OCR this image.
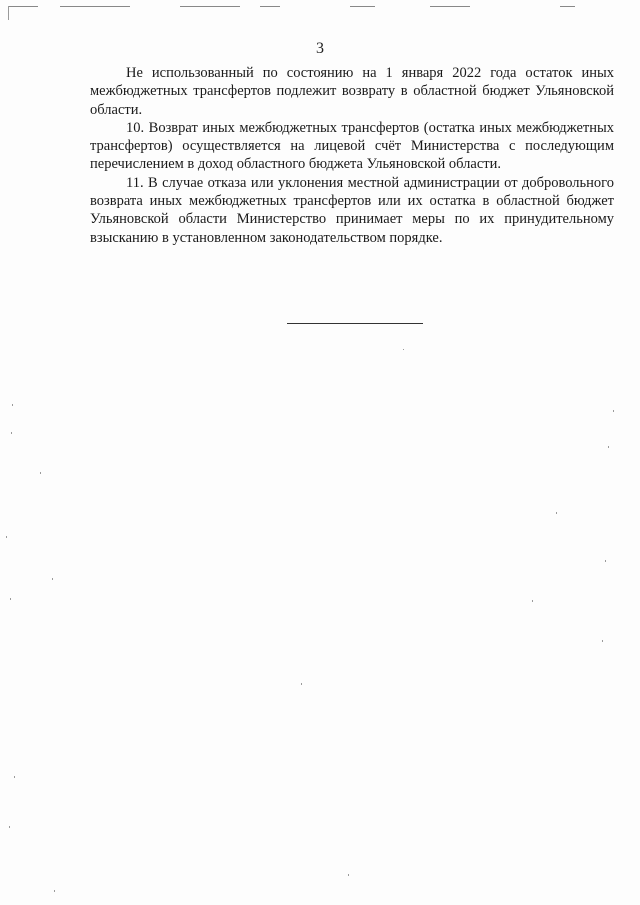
3

Не использованный по состоянию на 1 января 2022 года остаток иных межбюджетных трансфертов подлежит возврату в областной бюджет Ульяновской области.

10. Возврат иных межбюджетных трансфертов (остатка иных межбюджетных трансфертов) осуществляется на лицевой счёт Министерства с последующим перечислением в доход областного бюджета Ульяновской области.

11. В случае отказа или уклонения местной администрации от добровольного возврата иных межбюджетных трансфертов или их остатка в областной бюджет Ульяновской области Министерство принимает меры по их принудительному взысканию в установленном законодательством порядке.
